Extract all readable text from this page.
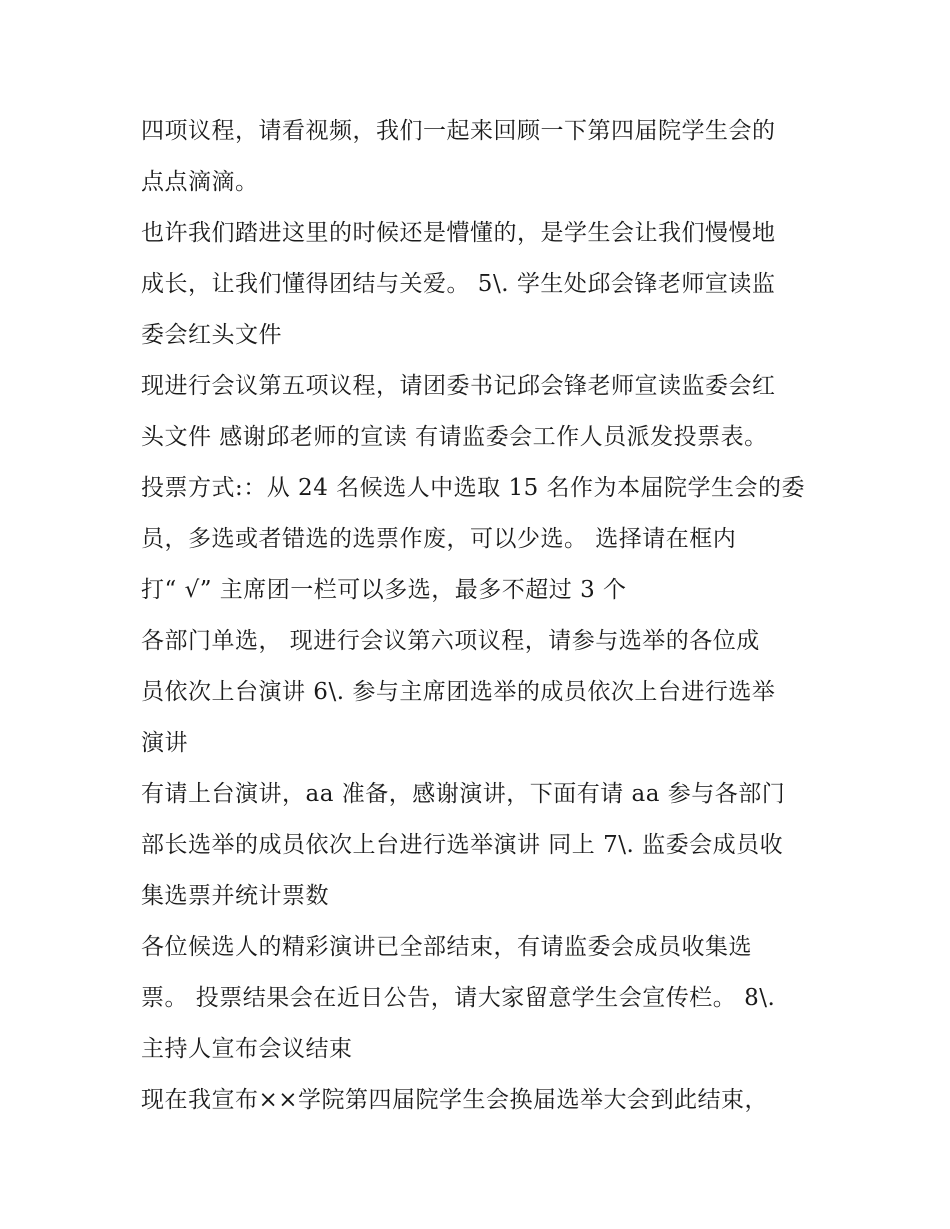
四项议程，请看视频，我们一起来回顾一下第四届院学生会的
点点滴滴。
也许我们踏进这里的时候还是懵懂的，是学生会让我们慢慢地
成长，让我们懂得团结与关爱。 5\. 学生处邱会锋老师宣读监
委会红头文件
现进行会议第五项议程，请团委书记邱会锋老师宣读监委会红
头文件 感谢邱老师的宣读 有请监委会工作人员派发投票表。
投票方式:：从 24 名候选人中选取 15 名作为本届院学生会的委
员，多选或者错选的选票作废，可以少选。 选择请在框内
打“ √” 主席团一栏可以多选，最多不超过 3 个
各部门单选， 现进行会议第六项议程，请参与选举的各位成
员依次上台演讲 6\. 参与主席团选举的成员依次上台进行选举
演讲
有请上台演讲，aa 准备，感谢演讲，下面有请 aa 参与各部门
部长选举的成员依次上台进行选举演讲 同上 7\. 监委会成员收
集选票并统计票数
各位候选人的精彩演讲已全部结束，有请监委会成员收集选
票。 投票结果会在近日公告，请大家留意学生会宣传栏。 8\.
主持人宣布会议结束
现在我宣布××学院第四届院学生会换届选举大会到此结束，
